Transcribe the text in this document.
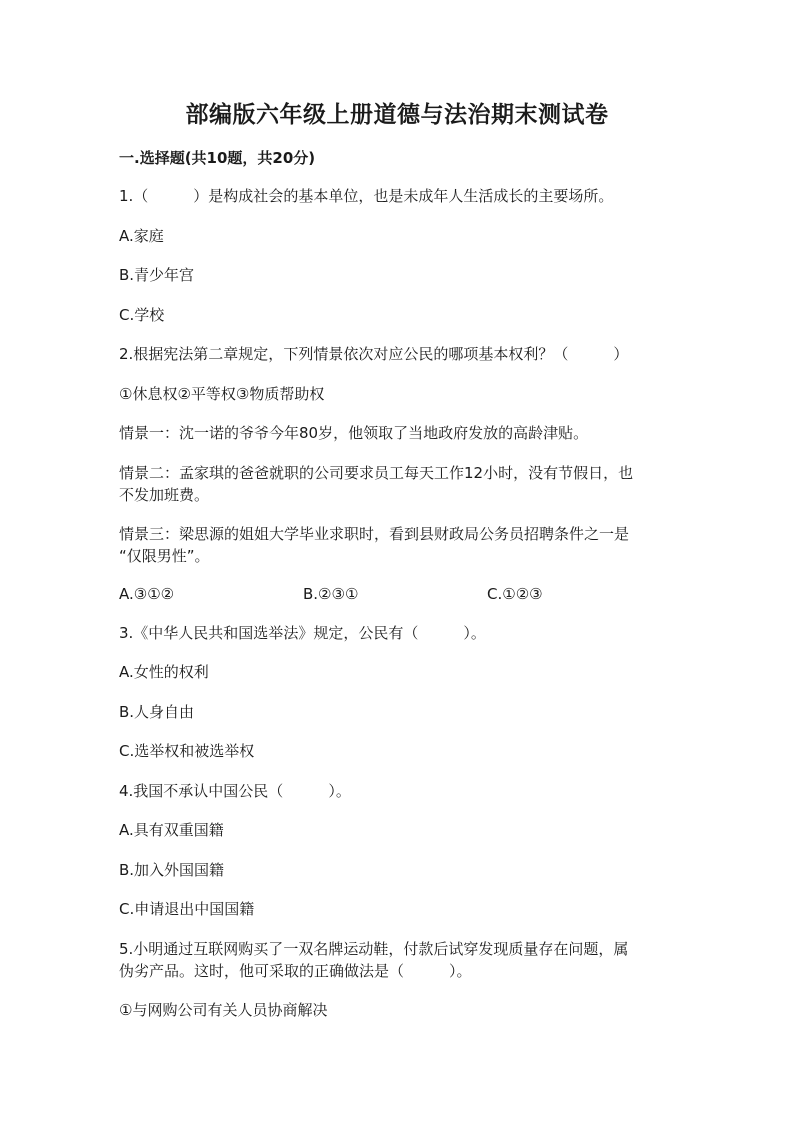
部编版六年级上册道德与法治期末测试卷
一.选择题(共10题，共20分)
1.（　　　）是构成社会的基本单位，也是未成年人生活成长的主要场所。
A.家庭
B.青少年宫
C.学校
2.根据宪法第二章规定，下列情景依次对应公民的哪项基本权利？（　　　）
①休息权②平等权③物质帮助权
情景一：沈一诺的爷爷今年80岁，他领取了当地政府发放的高龄津贴。
情景二：孟家琪的爸爸就职的公司要求员工每天工作12小时，没有节假日，也
不发加班费。
情景三：梁思源的姐姐大学毕业求职时，看到县财政局公务员招聘条件之一是
“仅限男性”。
A.③①②	B.②③①	C.①②③
3.《中华人民共和国选举法》规定，公民有（　　　）。
A.女性的权利
B.人身自由
C.选举权和被选举权
4.我国不承认中国公民（　　　）。
A.具有双重国籍
B.加入外国国籍
C.申请退出中国国籍
5.小明通过互联网购买了一双名牌运动鞋，付款后试穿发现质量存在问题，属
伪劣产品。这时，他可采取的正确做法是（　　　）。
①与网购公司有关人员协商解决
